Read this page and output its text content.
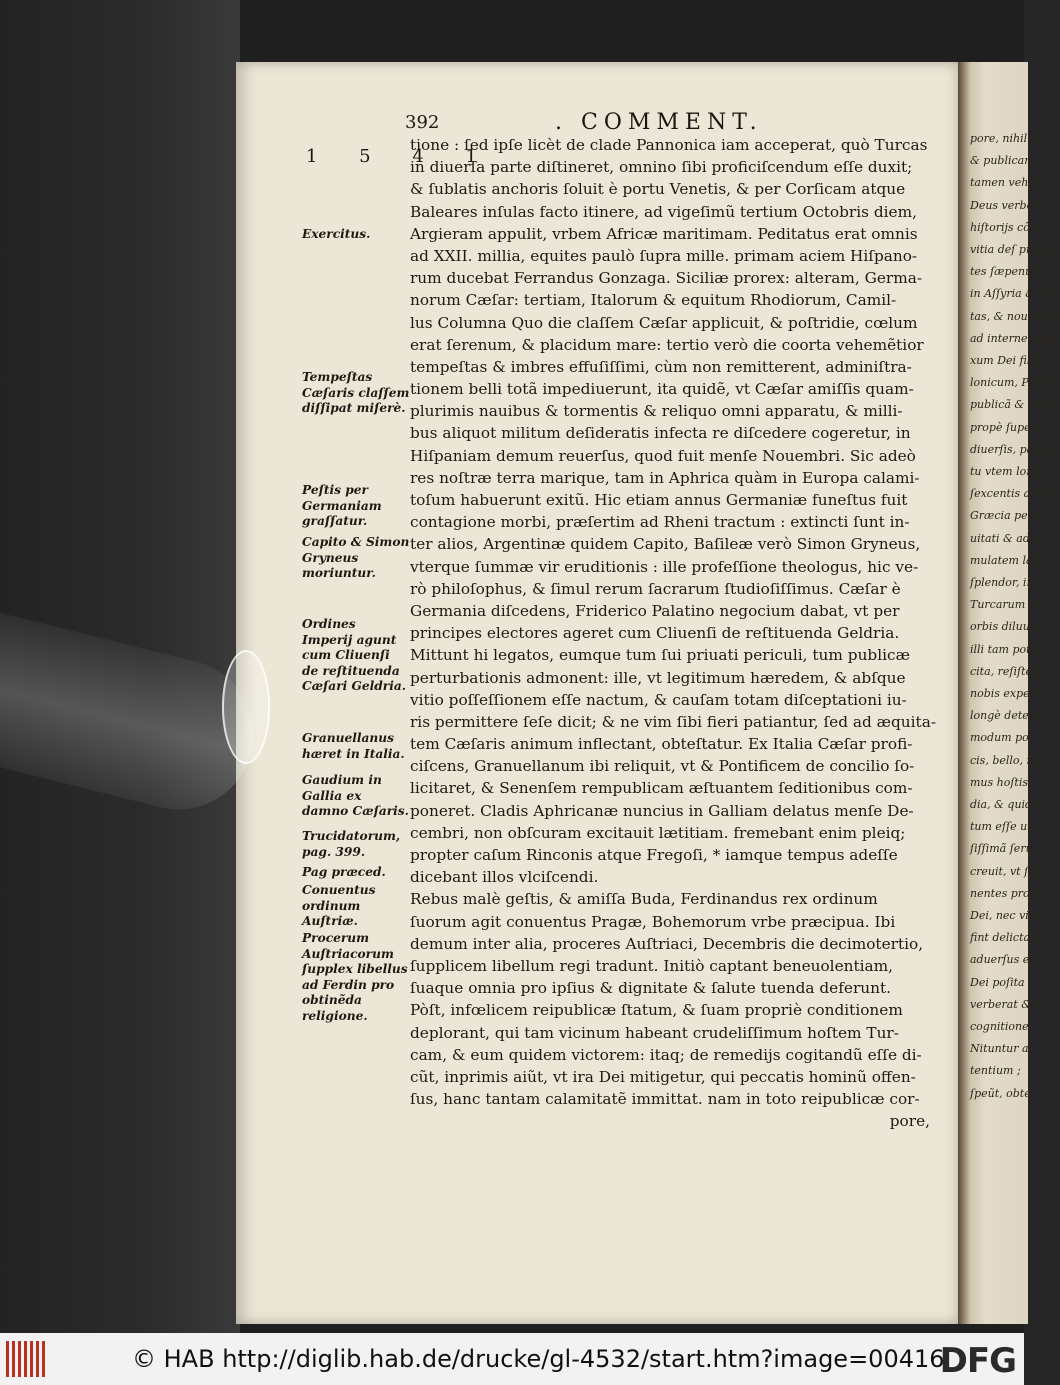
pore, nihil diſ
& publicam &
tamen vehiſt
Deus verbera
hiſtorijs cõcer
vitia deſ proper
tes ſæpenume
in Aſſyria & Ba
tas, & nouam re
ad internecione
xum Dei filiũ.
lonicum, Perſici
publicã & dign
propè ſuperſit
diuerſis, partim
tu vtem longè
ſexcentis annis
Græcia penè
uitati & admo
mulatem lam
ſplendor, in qu
Turcarum pla
orbis diluuio
illi tam potes
cita, reſiſtere
nobis expect
longè detest
modum po
cis, bello, nu
mus hoſtis
dia, & quid r
tum eſſe ut
ſiſſimã ſerui
creuit, vt ſup
nentes propt
Dei, nec vitie
fint delicta n
aduerſus eu
Dei poſita
verberat & f
cognitione.
Nituntur a
tentium ;
ſpeũt, obte
392	. COMMENT.
1 5 4 1
tione : ſed ipſe licèt de clade Pannonica iam acceperat, quò Turcas
in diuerſa parte diſtineret, omnino ſibi proficiſcendum eſſe duxit;
& ſublatis anchoris ſoluit è portu Venetis, & per Corſicam atque
Baleares inſulas facto itinere, ad vigeſimũ tertium Octobris diem,
Argieram appulit, vrbem Africæ maritimam. Peditatus erat omnis
ad XXII. millia, equites paulò ſupra mille. primam aciem Hiſpano-
rum ducebat Ferrandus Gonzaga. Siciliæ prorex: alteram, Germa-
norum Cæſar: tertiam, Italorum & equitum Rhodiorum, Camil-
lus Columna Quo die claſſem Cæſar applicuit, & poſtridie, cœlum
erat ſerenum, & placidum mare: tertio verò die coorta vehemẽtior
tempeſtas & imbres effuſiſſimi, cùm non remitterent, adminiſtra-
tionem belli totã impediuerunt, ita quidẽ, vt Cæſar amiſſis quam-
plurimis nauibus & tormentis & reliquo omni apparatu, & milli-
bus aliquot militum deſideratis infecta re diſcedere cogeretur, in
Hiſpaniam demum reuerſus, quod fuit menſe Nouembri. Sic adeò
res noſtræ terra marique, tam in Aphrica quàm in Europa calami-
toſum habuerunt exitũ. Hic etiam annus Germaniæ funeſtus fuit
contagione morbi, præſertim ad Rheni tractum : extincti ſunt in-
ter alios, Argentinæ quidem Capito, Baſileæ verò Simon Gryneus,
vterque ſummæ vir eruditionis : ille profeſſione theologus, hic ve-
rò philoſophus, & ſimul rerum ſacrarum ſtudioſiſſimus. Cæſar è
Germania diſcedens, Friderico Palatino negocium dabat, vt per
principes electores ageret cum Cliuenſi de reſtituenda Geldria.
Mittunt hi legatos, eumque tum ſui priuati periculi, tum publicæ
perturbationis admonent: ille, vt legitimum hæredem, & abſque
vitio poſſeſſionem eſſe nactum, & cauſam totam diſceptationi iu-
ris permittere ſeſe dicit; & ne vim ſibi fieri patiantur, ſed ad æquita-
tem Cæſaris animum inflectant, obteſtatur. Ex Italia Cæſar profi-
ciſcens, Granuellanum ibi reliquit, vt & Pontificem de concilio ſo-
licitaret, & Senenſem rempublicam æſtuantem ſeditionibus com-
poneret. Cladis Aphricanæ nuncius in Galliam delatus menſe De-
cembri, non obſcuram excitauit lætitiam. fremebant enim pleiq;
propter caſum Rinconis atque Fregoſi, * iamque tempus adeſſe
dicebant illos vlciſcendi.
Rebus malè geſtis, & amiſſa Buda, Ferdinandus rex ordinum
ſuorum agit conuentus Pragæ, Bohemorum vrbe præcipua. Ibi
demum inter alia, proceres Auſtriaci, Decembris die decimotertio,
ſupplicem libellum regi tradunt. Initiò captant beneuolentiam,
ſuaque omnia pro ipſius & dignitate & ſalute tuenda deferunt.
Pòſt, infœlicem reipublicæ ſtatum, & ſuam propriè conditionem
deplorant, qui tam vicinum habeant crudeliſſimum hoſtem Tur-
cam, & eum quidem victorem: itaq; de remedijs cogitandũ eſſe di-
cũt, inprimis aiũt, vt ira Dei mitigetur, qui peccatis hominũ offen-
ſus, hanc tantam calamitatẽ immittat. nam in toto reipublicæ cor-
pore,
Exercitus.
Tempeſtas Cæſaris claſſem diſſipat miſerè.
Peſtis per Germaniam graſſatur.
Capito & Simon Gryneus moriuntur.
Ordines Imperij agunt cum Cliuenſi de reſtituenda Cæſari Geldria.
Granuellanus hæret in Italia.
Gaudium in Gallia ex damno Cæſaris.
Trucidatorum, pag. 399.
Pag præced.
Conuentus ordinum Auſtriæ.
Procerum Auſtriacorum ſupplex libellus ad Ferdin pro obtinẽda religione.
© HAB http://diglib.hab.de/drucke/gl-4532/start.htm?image=00416
DFG
